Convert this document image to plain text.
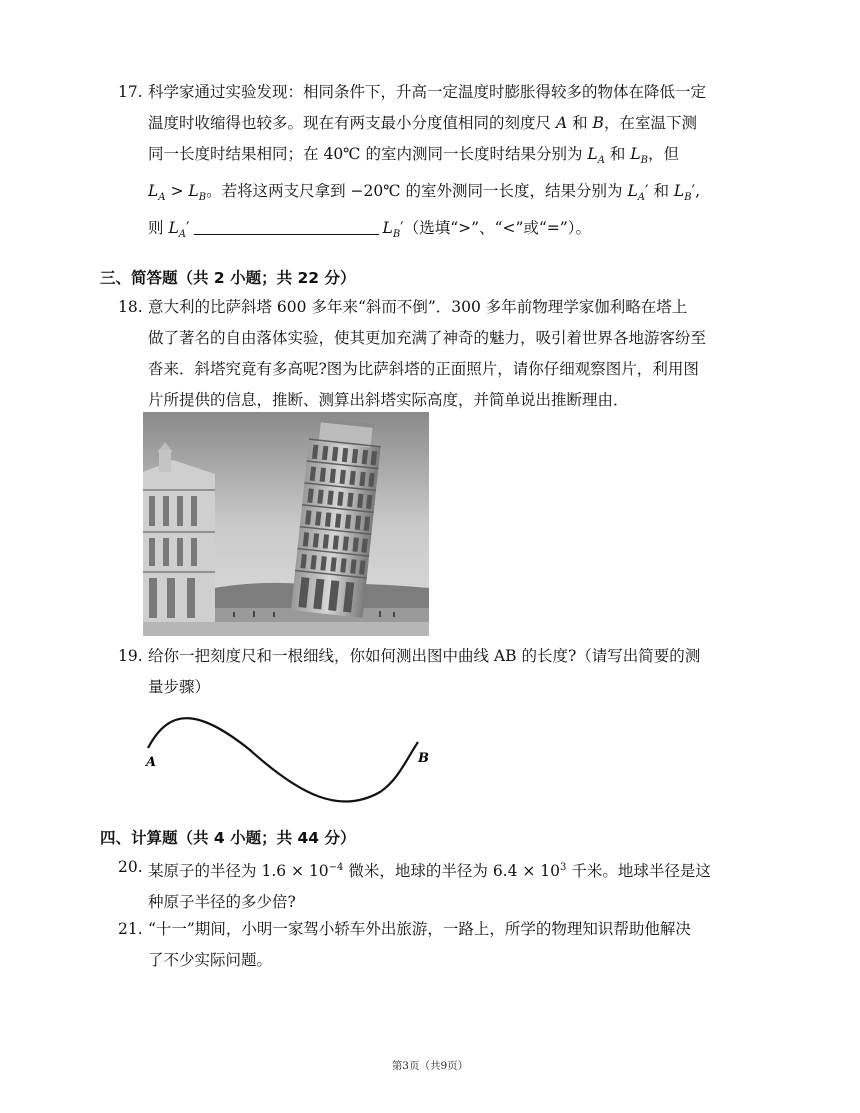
17. 科学家通过实验发现：相同条件下，升高一定温度时膨胀得较多的物体在降低一定
温度时收缩得也较多。现在有两支最小分度值相同的刻度尺 A 和 B，在室温下测
同一长度时结果相同；在 40℃ 的室内测同一长度时结果分别为 $L_A$ 和 $L_B$，但
$L_A > L_B$。若将这两支尺拿到 −20℃ 的室外测同一长度，结果分别为 $L_A'$ 和 $L_B'$,
则 $L_A'$	$L_B'$（选填“>”、“<”或“=”）。
三、简答题（共 2 小题；共 22 分）
18. 意大利的比萨斜塔 600 多年来“斜而不倒”．300 多年前物理学家伽利略在塔上
做了著名的自由落体实验，使其更加充满了神奇的魅力，吸引着世界各地游客纷至
沓来．斜塔究竟有多高呢?图为比萨斜塔的正面照片，请你仔细观察图片，利用图
片所提供的信息，推断、测算出斜塔实际高度，并简单说出推断理由．
19. 给你一把刻度尺和一根细线，你如何测出图中曲线 AB 的长度?（请写出简要的测
量步骤）
A	B
四、计算题（共 4 小题；共 44 分）
20. 某原子的半径为 $1.6 \times 10^{-4}$ 微米，地球的半径为 $6.4 \times 10^3$ 千米。地球半径是这
种原子半径的多少倍?
21. “十一”期间，小明一家驾小轿车外出旅游，一路上，所学的物理知识帮助他解决
了不少实际问题。
第3页（共9页）
